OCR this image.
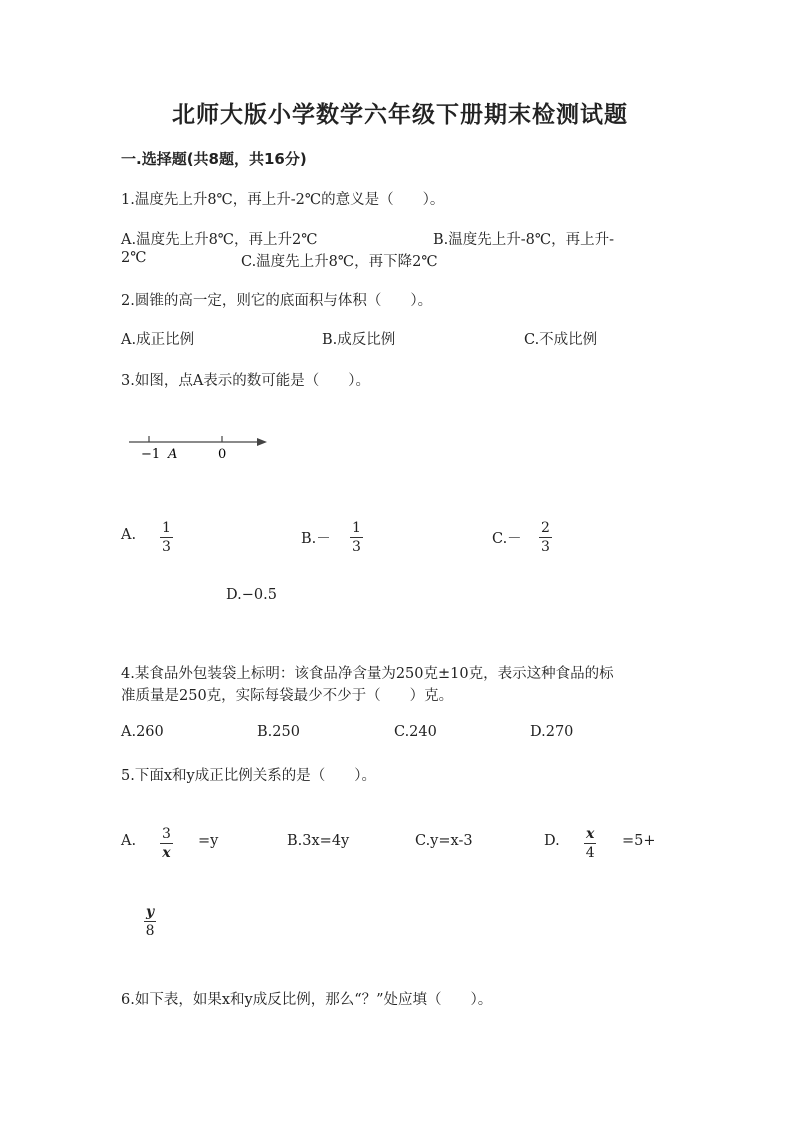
北师大版小学数学六年级下册期末检测试题
一.选择题(共8题，共16分)
1.温度先上升8℃，再上升-2℃的意义是（　　）。
A.温度先上升8℃，再上升2℃	B.温度先上升-8℃，再上升-
2℃	C.温度先上升8℃，再下降2℃
2.圆锥的高一定，则它的底面积与体积（　　）。
A.成正比例	B.成反比例	C.不成比例
3.如图，点A表示的数可能是（　　）。
−1 A	0
A. $\frac{1}{3}$	$B.- \frac{1}{3}$	$C.- \frac{2}{3}$
D.−0.5
4.某食品外包装袋上标明：该食品净含量为250克±10克，表示这种食品的标
准质量是250克，实际每袋最少不少于（　　）克。
A.260	B.250	C.240	D.270
5.下面x和y成正比例关系的是（　　）。
A. $\frac{3}{x} =y$	B.3x=4y	C.y=x-3	D. $\frac{x}{4} =5+$
$\frac{y}{8}$
6.如下表，如果x和y成反比例，那么“？”处应填（　　）。
